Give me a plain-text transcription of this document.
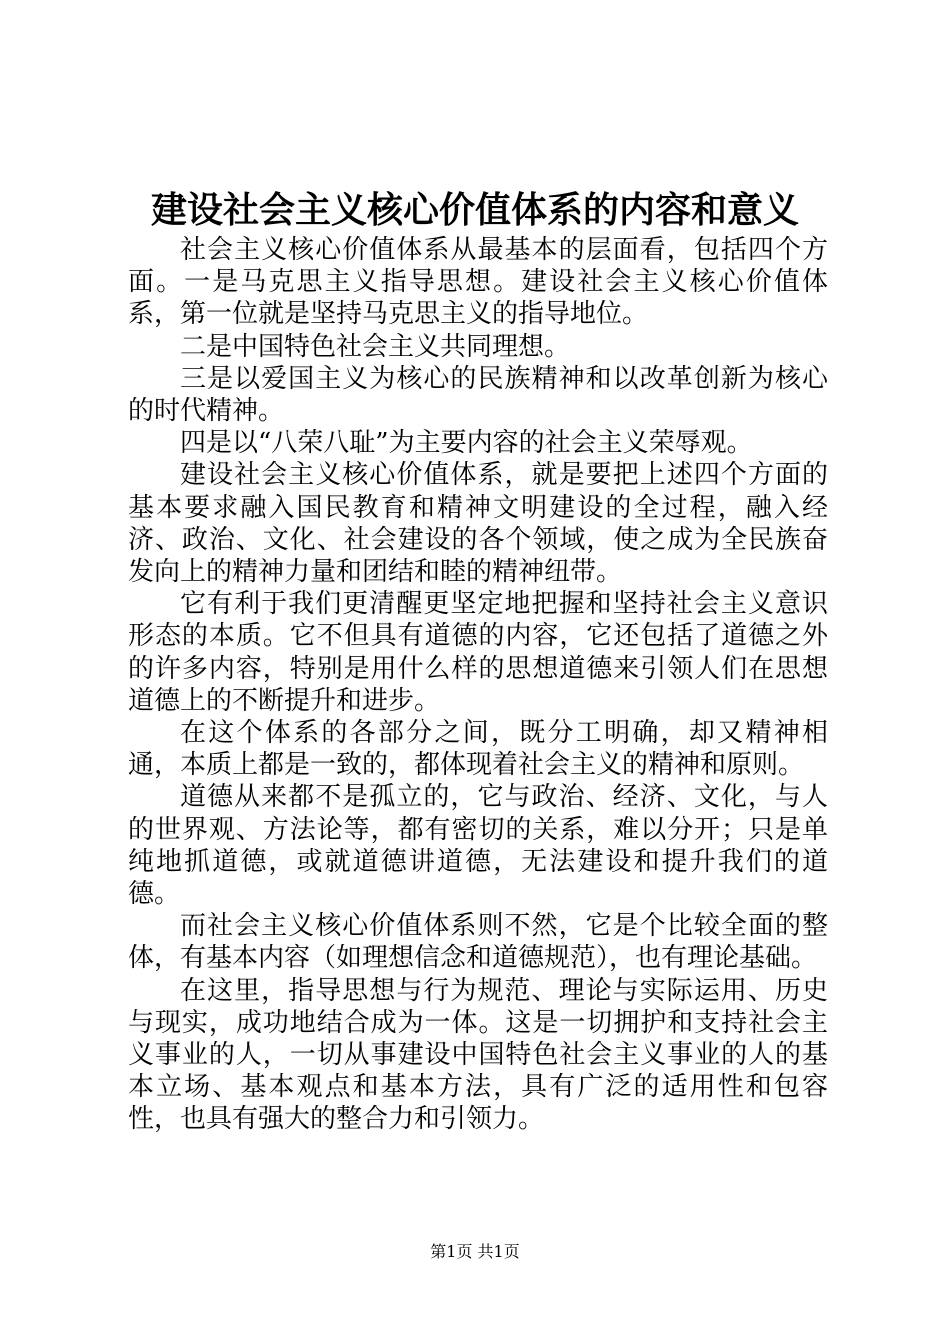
建设社会主义核心价值体系的内容和意义

社会主义核心价值体系从最基本的层面看，包括四个方面。一是马克思主义指导思想。建设社会主义核心价值体系，第一位就是坚持马克思主义的指导地位。

二是中国特色社会主义共同理想。

三是以爱国主义为核心的民族精神和以改革创新为核心的时代精神。

四是以“八荣八耻”为主要内容的社会主义荣辱观。

建设社会主义核心价值体系，就是要把上述四个方面的基本要求融入国民教育和精神文明建设的全过程，融入经济、政治、文化、社会建设的各个领域，使之成为全民族奋发向上的精神力量和团结和睦的精神纽带。

它有利于我们更清醒更坚定地把握和坚持社会主义意识形态的本质。它不但具有道德的内容，它还包括了道德之外的许多内容，特别是用什么样的思想道德来引领人们在思想道德上的不断提升和进步。

在这个体系的各部分之间，既分工明确，却又精神相通，本质上都是一致的，都体现着社会主义的精神和原则。

道德从来都不是孤立的，它与政治、经济、文化，与人的世界观、方法论等，都有密切的关系，难以分开；只是单纯地抓道德，或就道德讲道德，无法建设和提升我们的道德。

而社会主义核心价值体系则不然，它是个比较全面的整体，有基本内容（如理想信念和道德规范），也有理论基础。

在这里，指导思想与行为规范、理论与实际运用、历史与现实，成功地结合成为一体。这是一切拥护和支持社会主义事业的人，一切从事建设中国特色社会主义事业的人的基本立场、基本观点和基本方法，具有广泛的适用性和包容性，也具有强大的整合力和引领力。

第1页 共1页
